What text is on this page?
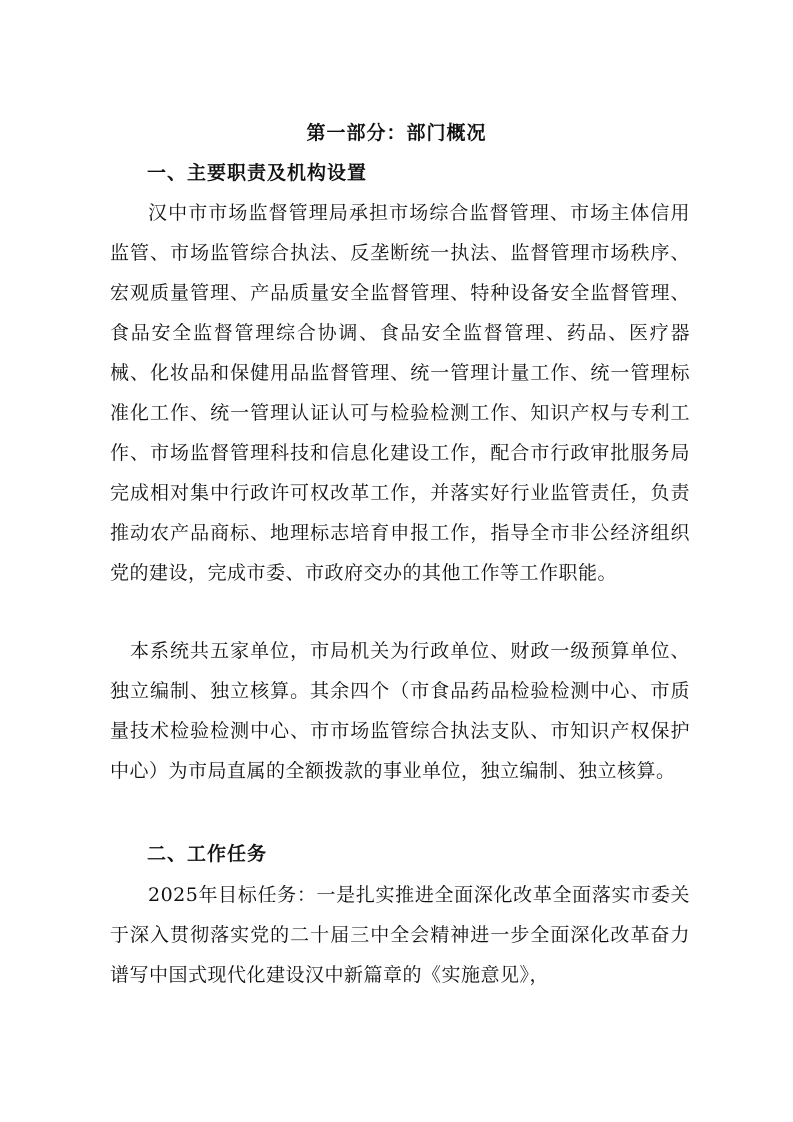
第一部分：部门概况
一、主要职责及机构设置
汉中市市场监督管理局承担市场综合监督管理、市场主体信用监管、市场监管综合执法、反垄断统一执法、监督管理市场秩序、宏观质量管理、产品质量安全监督管理、特种设备安全监督管理、食品安全监督管理综合协调、食品安全监督管理、药品、医疗器械、化妆品和保健用品监督管理、统一管理计量工作、统一管理标准化工作、统一管理认证认可与检验检测工作、知识产权与专利工作、市场监督管理科技和信息化建设工作，配合市行政审批服务局完成相对集中行政许可权改革工作，并落实好行业监管责任，负责推动农产品商标、地理标志培育申报工作，指导全市非公经济组织党的建设，完成市委、市政府交办的其他工作等工作职能。
本系统共五家单位，市局机关为行政单位、财政一级预算单位、独立编制、独立核算。其余四个（市食品药品检验检测中心、市质量技术检验检测中心、市市场监管综合执法支队、市知识产权保护中心）为市局直属的全额拨款的事业单位，独立编制、独立核算。
二、工作任务
2025年目标任务：一是扎实推进全面深化改革全面落实市委关于深入贯彻落实党的二十届三中全会精神进一步全面深化改革奋力谱写中国式现代化建设汉中新篇章的《实施意见》，
